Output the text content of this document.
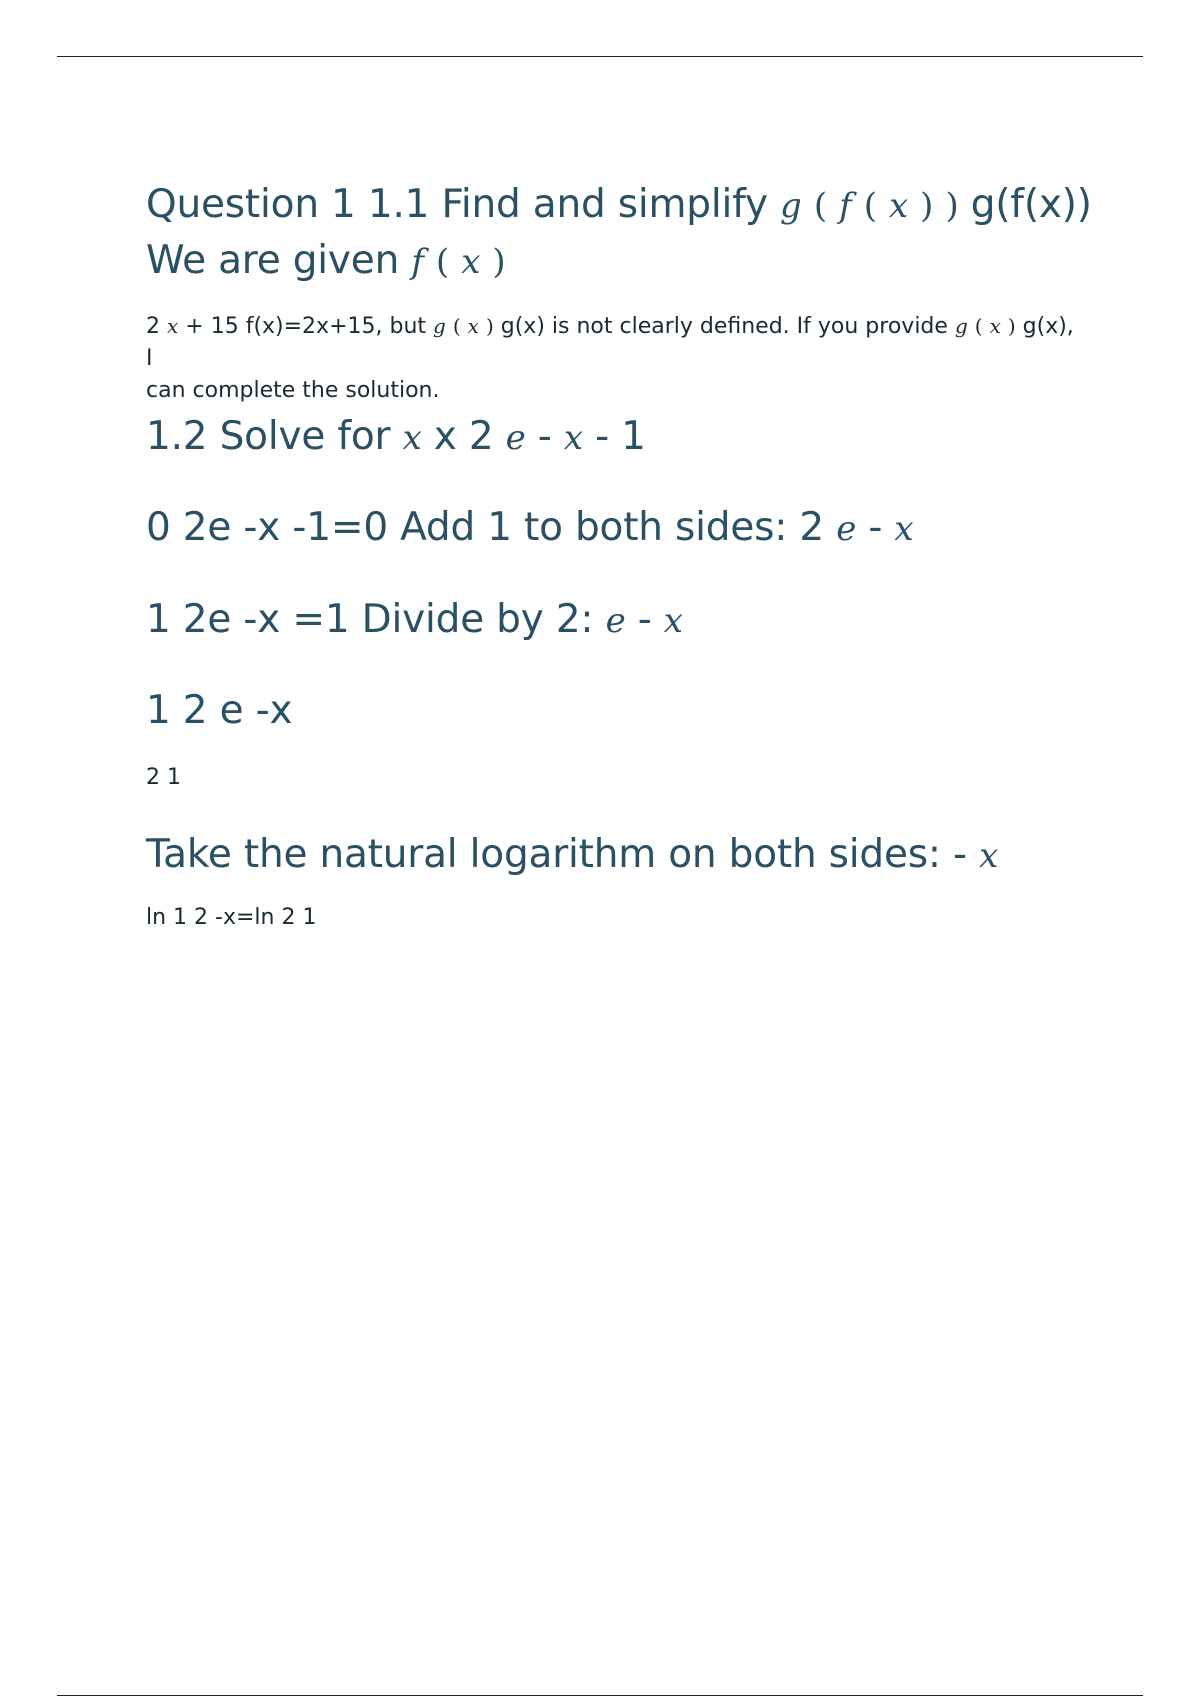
Question 1 1.1 Find and simplify g ( f ( x ) ) g(f(x))
We are given f ( x )
2 x + 15 f(x)=2x+15, but g ( x ) g(x) is not clearly defined. If you provide g ( x ) g(x), I
can complete the solution.
1.2 Solve for x x 2 e - x - 1
0 2e -x -1=0 Add 1 to both sides: 2 e - x
1 2e -x =1 Divide by 2: e - x
1 2 e -x
2 1
Take the natural logarithm on both sides: - x
ln 1 2 -x=ln 2 1
